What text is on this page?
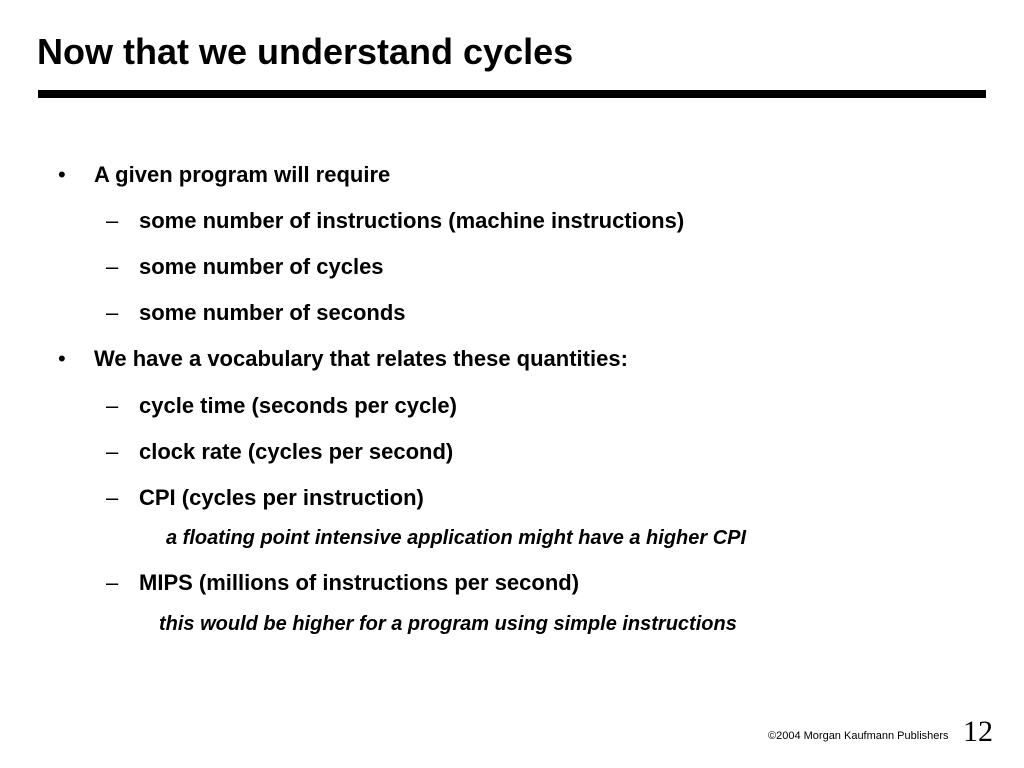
Now that we understand cycles
• A given program will require
– some number of instructions (machine instructions)
– some number of cycles
– some number of seconds
• We have a vocabulary that relates these quantities:
– cycle time (seconds per cycle)
– clock rate (cycles per second)
– CPI (cycles per instruction)
a floating point intensive application might have a higher CPI
– MIPS (millions of instructions per second)
this would be higher for a program using simple instructions
©2004 Morgan Kaufmann Publishers 12
